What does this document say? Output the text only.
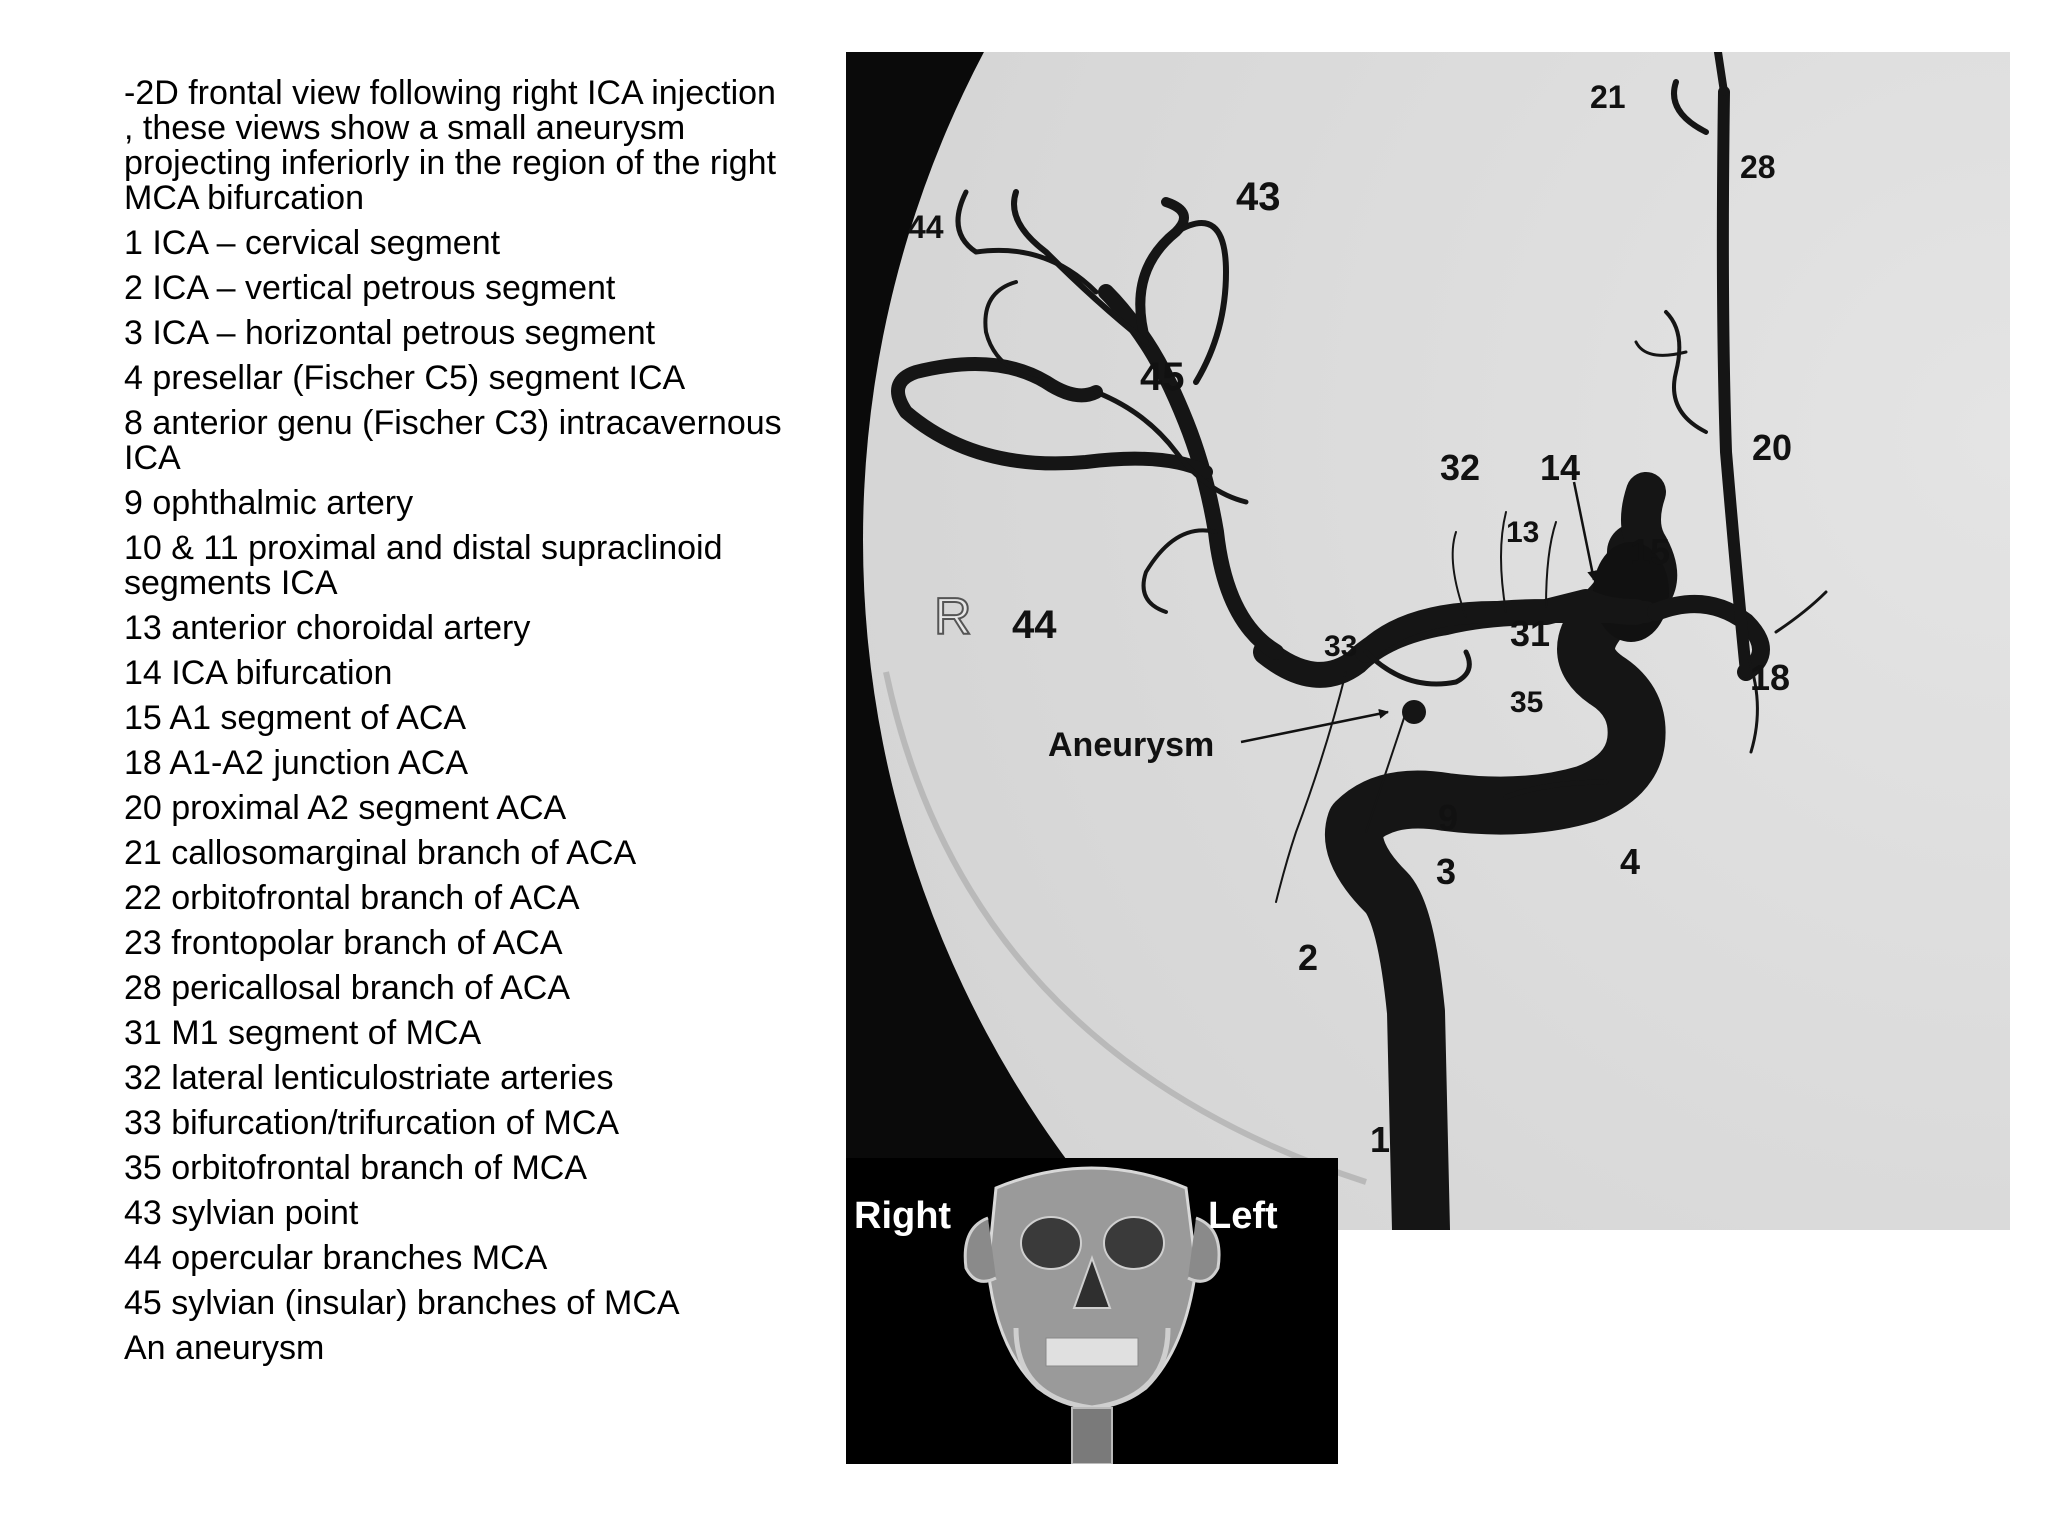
-2D frontal view following right ICA injection , these views show a small aneurysm projecting inferiorly in the region of the right MCA bifurcation
1 ICA – cervical segment
2 ICA – vertical petrous segment
3 ICA – horizontal petrous segment
4 presellar (Fischer C5) segment ICA
8 anterior genu (Fischer C3) intracavernous ICA
9 ophthalmic artery
10 & 11 proximal and distal supraclinoid segments ICA
13 anterior choroidal artery
14 ICA bifurcation
15 A1 segment of ACA
18 A1-A2 junction ACA
20 proximal A2 segment ACA
21 callosomarginal branch of ACA
22 orbitofrontal branch of ACA
23 frontopolar branch of ACA
28 pericallosal branch of ACA
31 M1 segment of MCA
32 lateral lenticulostriate arteries
33 bifurcation/trifurcation of MCA
35 orbitofrontal branch of MCA
43 sylvian point
44 opercular branches MCA
45 sylvian (insular) branches of MCA
An aneurysm
R
1
2
3	4
9
13
14
15
18
20
21
28
31
32
33
35
43
44
44
45
Aneurysm
Right	Left
